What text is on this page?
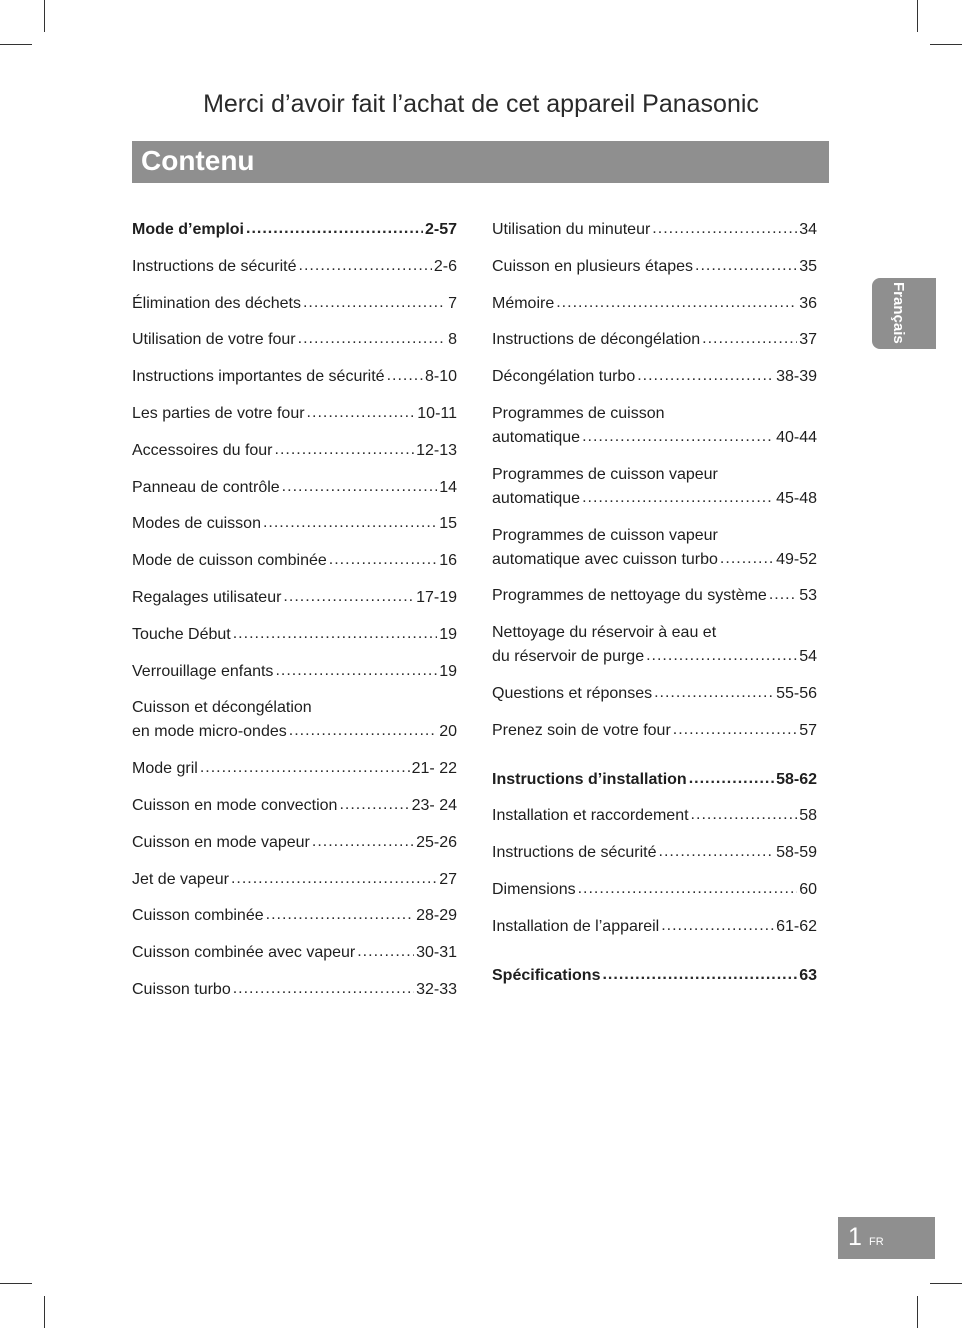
Merci d’avoir fait l’achat de cet appareil Panasonic
Contenu
Français
Mode d’emploi .....	2-57
Instructions de sécurité .....	2-6
Élimination des déchets .....	7
Utilisation de votre four .....	8
Instructions importantes de sécurité .....	8-10
Les parties de votre four .....	10-11
Accessoires du four .....	12-13
Panneau de contrôle .....	14
Modes de cuisson .....	15
Mode de cuisson combinée .....	16
Regalages utilisateur .....	17-19
Touche Début .....	19
Verrouillage enfants .....	19
Cuisson et décongélation
en mode micro-ondes .....	20
Mode gril .....	21- 22
Cuisson en mode convection .....	23- 24
Cuisson en mode vapeur .....	25-26
Jet de vapeur .....	27
Cuisson combinée .....	28-29
Cuisson combinée avec vapeur .....	30-31
Cuisson turbo .....	32-33
Utilisation du minuteur .....	34
Cuisson en plusieurs étapes .....	35
Mémoire .....	36
Instructions de décongélation .....	37
Décongélation turbo .....	38-39
Programmes de cuisson
automatique .....	40-44
Programmes de cuisson vapeur
automatique .....	45-48
Programmes de cuisson vapeur
automatique avec cuisson turbo .....	49-52
Programmes de nettoyage du système ..... 53
Nettoyage du réservoir à eau et
du réservoir de purge .....	54
Questions et réponses .....	55-56
Prenez soin de votre four .....	57
Instructions d’installation .....	58-62
Installation et raccordement .....	58
Instructions de sécurité .....	58-59
Dimensions .....	60
Installation de l’appareil .....	61-62
Spécifications .....	63
1 FR
